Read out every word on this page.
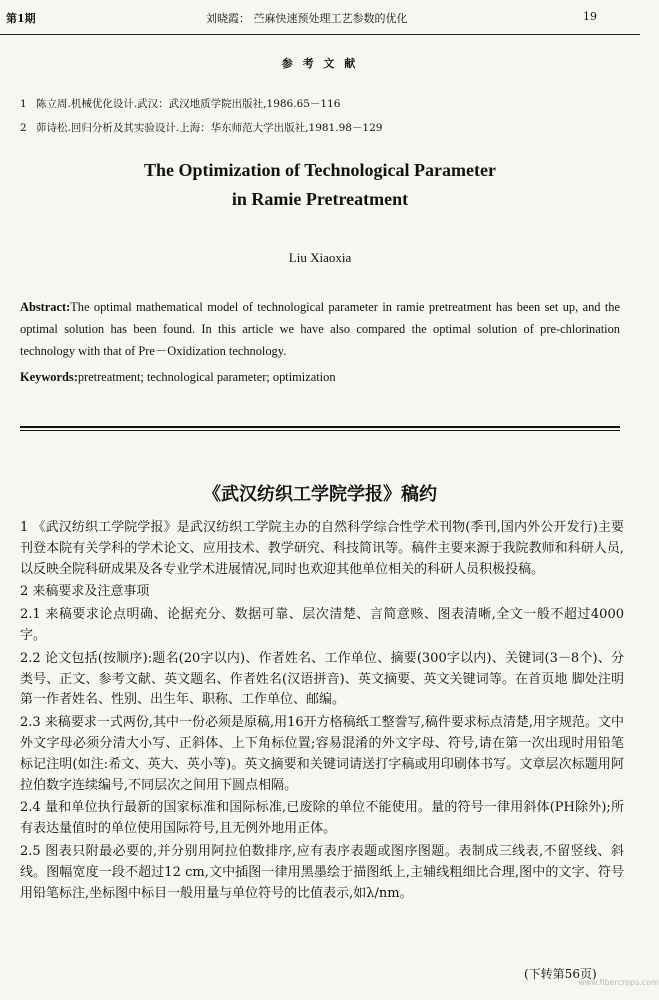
第1期	刘晓霞： 苎麻快速预处理工艺参数的优化	19
参 考 文 献
1 陈立周.机械优化设计.武汉：武汉地质学院出版社,1986.65－116
2 茆诗松.回归分析及其实验设计.上海：华东师范大学出版社,1981.98－129
The Optimization of Technological Parameter
in Ramie Pretreatment
Liu Xiaoxia
Abstract:The optimal mathematical model of technological parameter in ramie pretreatment has been set up, and the optimal solution has been found. In this article we have also compared the optimal solution of pre-chlorination technology with that of Pre－Oxidization technology.
Keywords:pretreatment; technological parameter; optimization
《武汉纺织工学院学报》稿约

1 《武汉纺织工学院学报》是武汉纺织工学院主办的自然科学综合性学术刊物(季刊,国内外公开发行)主要刊登本院有关学科的学术论文、应用技术、教学研究、科技简讯等。稿件主要来源于我院教师和科研人员,以反映全院科研成果及各专业学术进展情况,同时也欢迎其他单位相关的科研人员积极投稿。

2 来稿要求及注意事项

2.1 来稿要求论点明确、论据充分、数据可靠、层次清楚、言简意赅、图表清晰,全文一般不超过4000字。

2.2 论文包括(按顺序):题名(20字以内)、作者姓名、工作单位、摘要(300字以内)、关键词(3－8个)、分类号、正文、参考文献、英文题名、作者姓名(汉语拼音)、英文摘要、英文关键词等。在首页地 脚处注明第一作者姓名、性别、出生年、职称、工作单位、邮编。

2.3 来稿要求一式两份,其中一份必须是原稿,用16开方格稿纸工整誊写,稿件要求标点清楚,用字规范。文中外文字母必须分清大小写、正斜体、上下角标位置;容易混淆的外文字母、符号,请在第一次出现时用铅笔标记注明(如注:希文、英大、英小等)。英文摘要和关键词请送打字稿或用印刷体书写。文章层次标题用阿拉伯数字连续编号,不同层次之间用下圆点相隔。

2.4 量和单位执行最新的国家标准和国际标准,已废除的单位不能使用。量的符号一律用斜体(PH除外);所有表达量值时的单位使用国际符号,且无例外地用正体。

2.5 图表只附最必要的,并分别用阿拉伯数排序,应有表序表题或图序图题。表制成三线表,不留竖线、斜线。图幅宽度一段不超过12 cm,文中插图一律用黑墨绘于描图纸上,主辅线粗细比合理,图中的文字、符号用铅笔标注,坐标图中标目一般用量与单位符号的比值表示,如λ/nm。

(下转第56页)
www.fibercrops.com
